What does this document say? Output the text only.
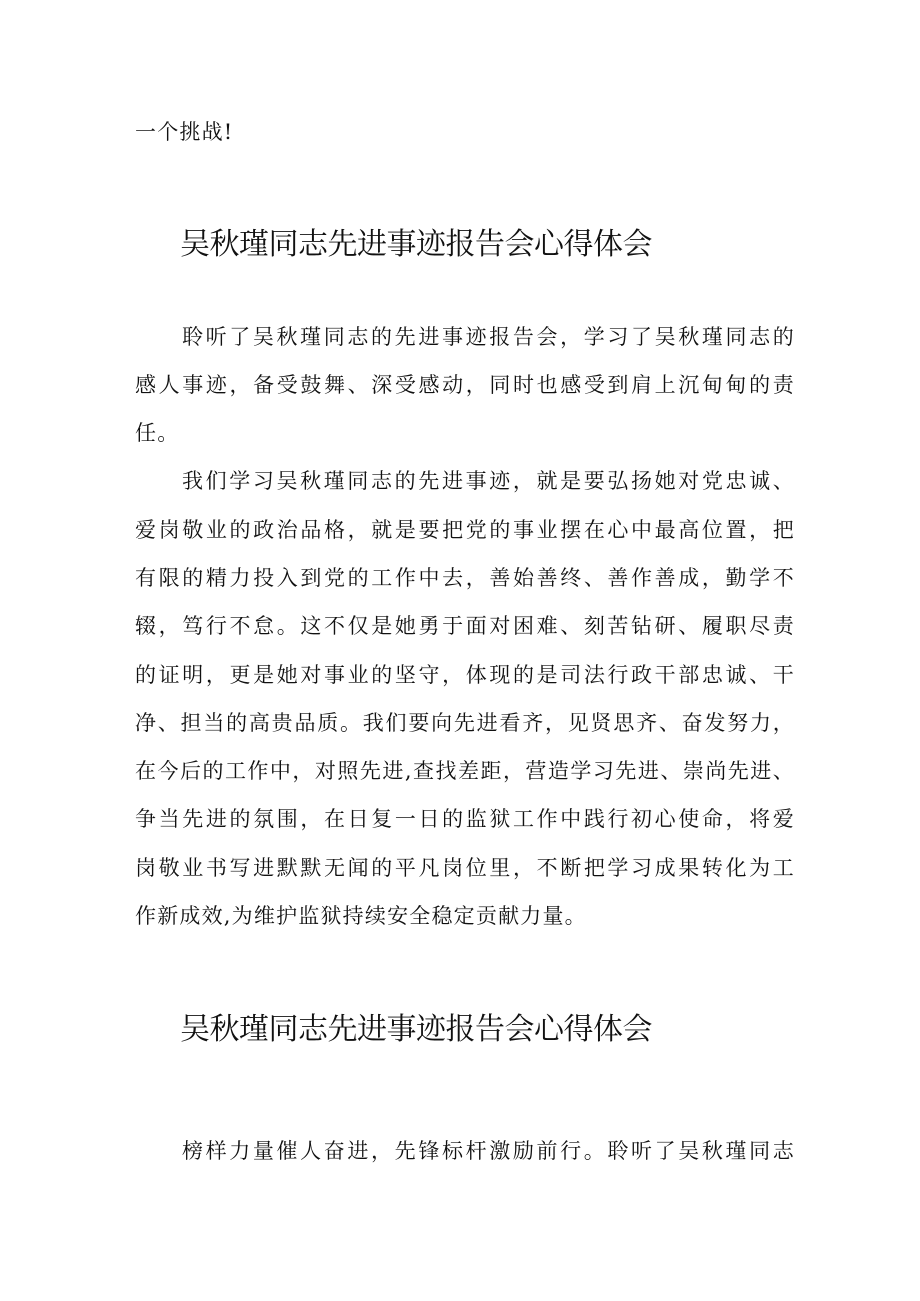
一个挑战!
吴秋瑾同志先进事迹报告会心得体会
聆听了吴秋瑾同志的先进事迹报告会，学习了吴秋瑾同志的
感人事迹，备受鼓舞、深受感动，同时也感受到肩上沉甸甸的责
任。
我们学习吴秋瑾同志的先进事迹，就是要弘扬她对党忠诚、
爱岗敬业的政治品格，就是要把党的事业摆在心中最高位置，把
有限的精力投入到党的工作中去，善始善终、善作善成，勤学不
辍，笃行不怠。这不仅是她勇于面对困难、刻苦钻研、履职尽责
的证明，更是她对事业的坚守，体现的是司法行政干部忠诚、干
净、担当的高贵品质。我们要向先进看齐，见贤思齐、奋发努力，
在今后的工作中，对照先进,查找差距，营造学习先进、崇尚先进、
争当先进的氛围，在日复一日的监狱工作中践行初心使命，将爱
岗敬业书写进默默无闻的平凡岗位里，不断把学习成果转化为工
作新成效,为维护监狱持续安全稳定贡献力量。
吴秋瑾同志先进事迹报告会心得体会
榜样力量催人奋进，先锋标杆激励前行。聆听了吴秋瑾同志
